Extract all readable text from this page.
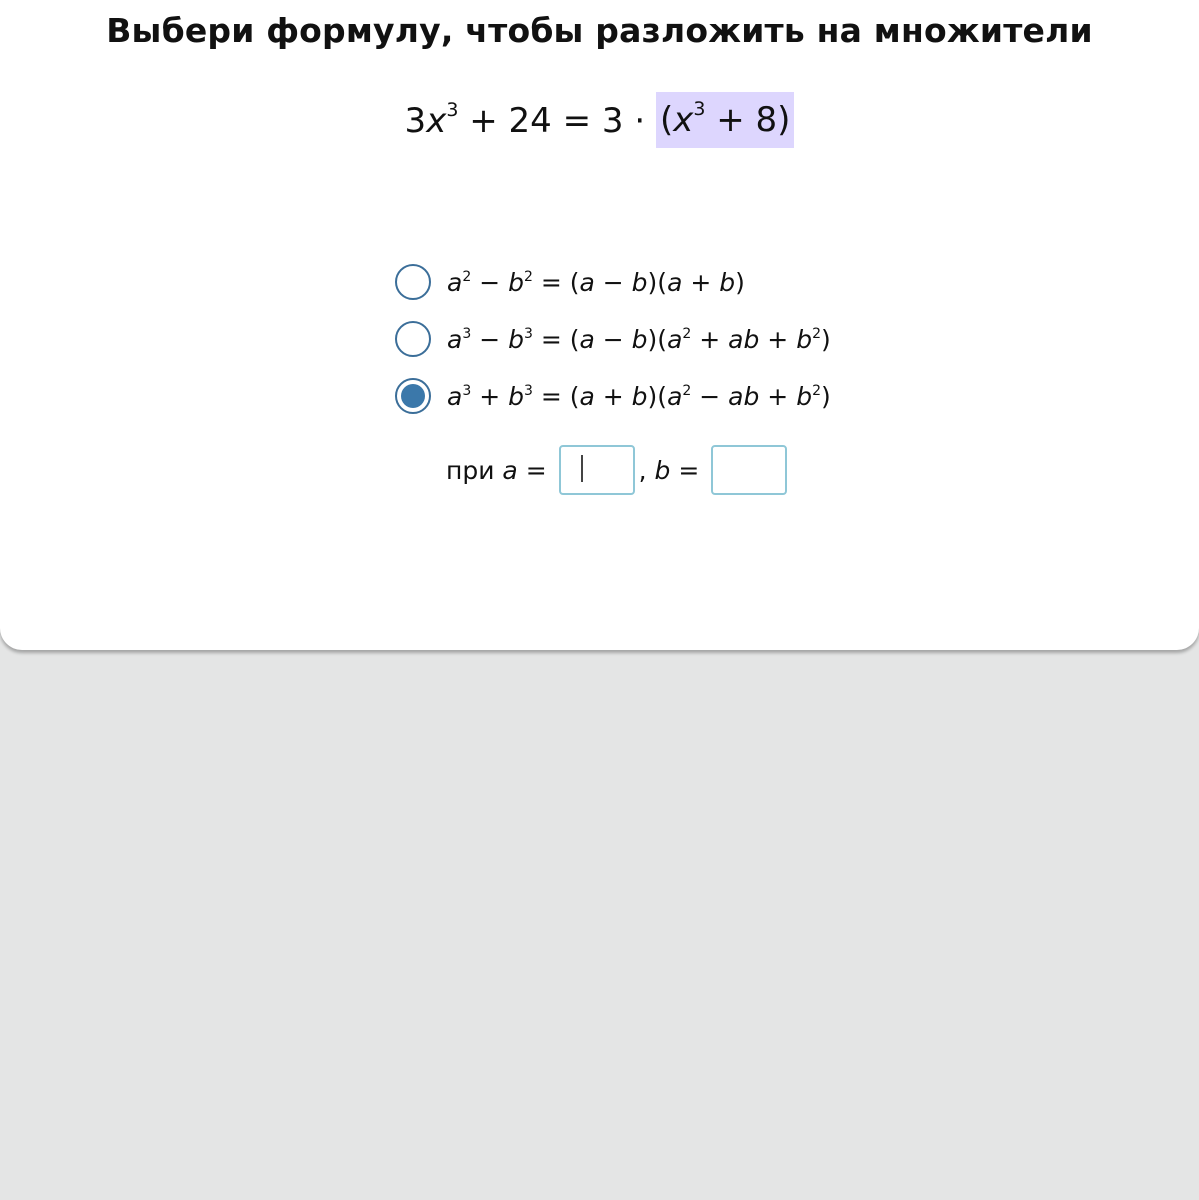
Выбери формулу, чтобы разложить на множители
$3x^3 + 24 = 3 \cdot (x^3 + 8)$
$a^2 - b^2 = (a - b)(a + b)$
$a^3 - b^3 = (a - b)(a^2$ + ab + $b^2$)
$a^3 + b^3 = (a + b)(a^2$ − ab + $b^2$)
при a =	, b =
